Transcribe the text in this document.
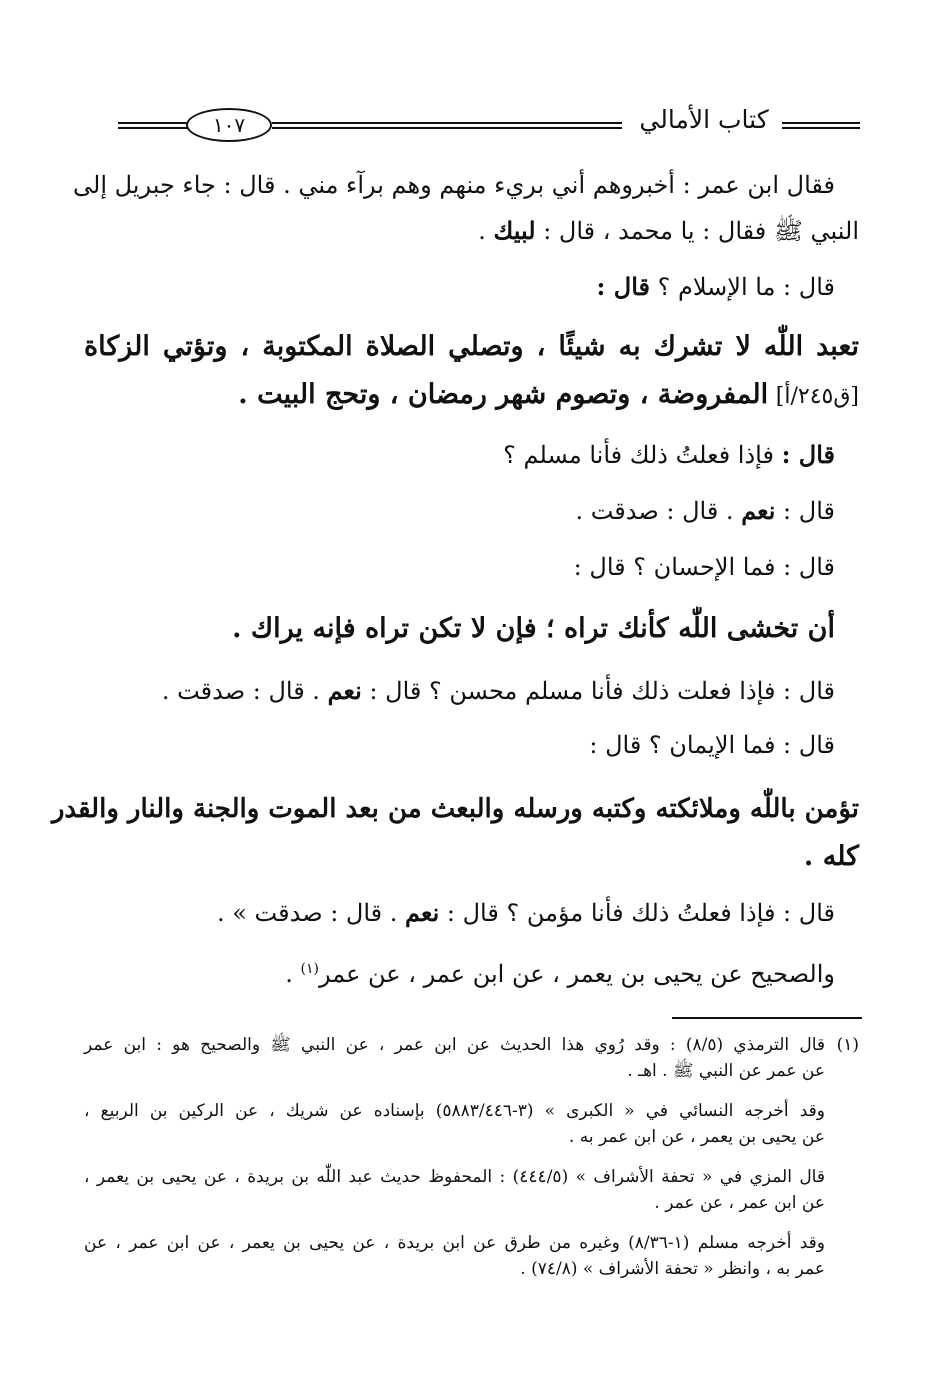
١٠٧	كتاب الأمالي
فقال ابن عمر : أخبروهم أني بريء منهم وهم برآء مني . قال : جاء جبريل إلى
النبي ﷺ فقال : يا محمد ، قال : لبيك .
قال : ما الإسلام ؟ قال :
تعبد اللّٰه لا تشرك به شيئًا ، وتصلي الصلاة المكتوبة ، وتؤتي الزكاة
[ق٢٤٥/أ] المفروضة ، وتصوم شهر رمضان ، وتحج البيت .
قال : فإذا فعلتُ ذلك فأنا مسلم ؟
قال : نعم . قال : صدقت .
قال : فما الإحسان ؟ قال :
أن تخشى اللّٰه كأنك تراه ؛ فإن لا تكن تراه فإنه يراك .
قال : فإذا فعلت ذلك فأنا مسلم محسن ؟ قال : نعم . قال : صدقت .
قال : فما الإيمان ؟ قال :
تؤمن باللّٰه وملائكته وكتبه ورسله والبعث من بعد الموت والجنة والنار والقدر
كله .
قال : فإذا فعلتُ ذلك فأنا مؤمن ؟ قال : نعم . قال : صدقت » .
والصحيح عن يحيى بن يعمر ، عن ابن عمر ، عن عمر$^{(١)}$ .
(١)
قال الترمذي (٨/٥) : وقد رُوي هذا الحديث عن ابن عمر ، عن النبي ﷺ والصحيح هو : ابن عمر
عن عمر عن النبي ﷺ . اهـ .
وقد أخرجه النسائي في « الكبرى » (٣-٥٨٨٣/٤٤٦) بإسناده عن شريك ، عن الركين بن الربيع ،
عن يحيى بن يعمر ، عن ابن عمر به .
قال المزي في « تحفة الأشراف » (٤٤٤/٥) : المحفوظ حديث عبد اللّٰه بن بريدة ، عن يحيى بن يعمر ،
عن ابن عمر ، عن عمر .
وقد أخرجه مسلم (١-٨/٣٦) وغيره من طرق عن ابن بريدة ، عن يحيى بن يعمر ، عن ابن عمر ، عن
عمر به ، وانظر « تحفة الأشراف » (٧٤/٨) .
